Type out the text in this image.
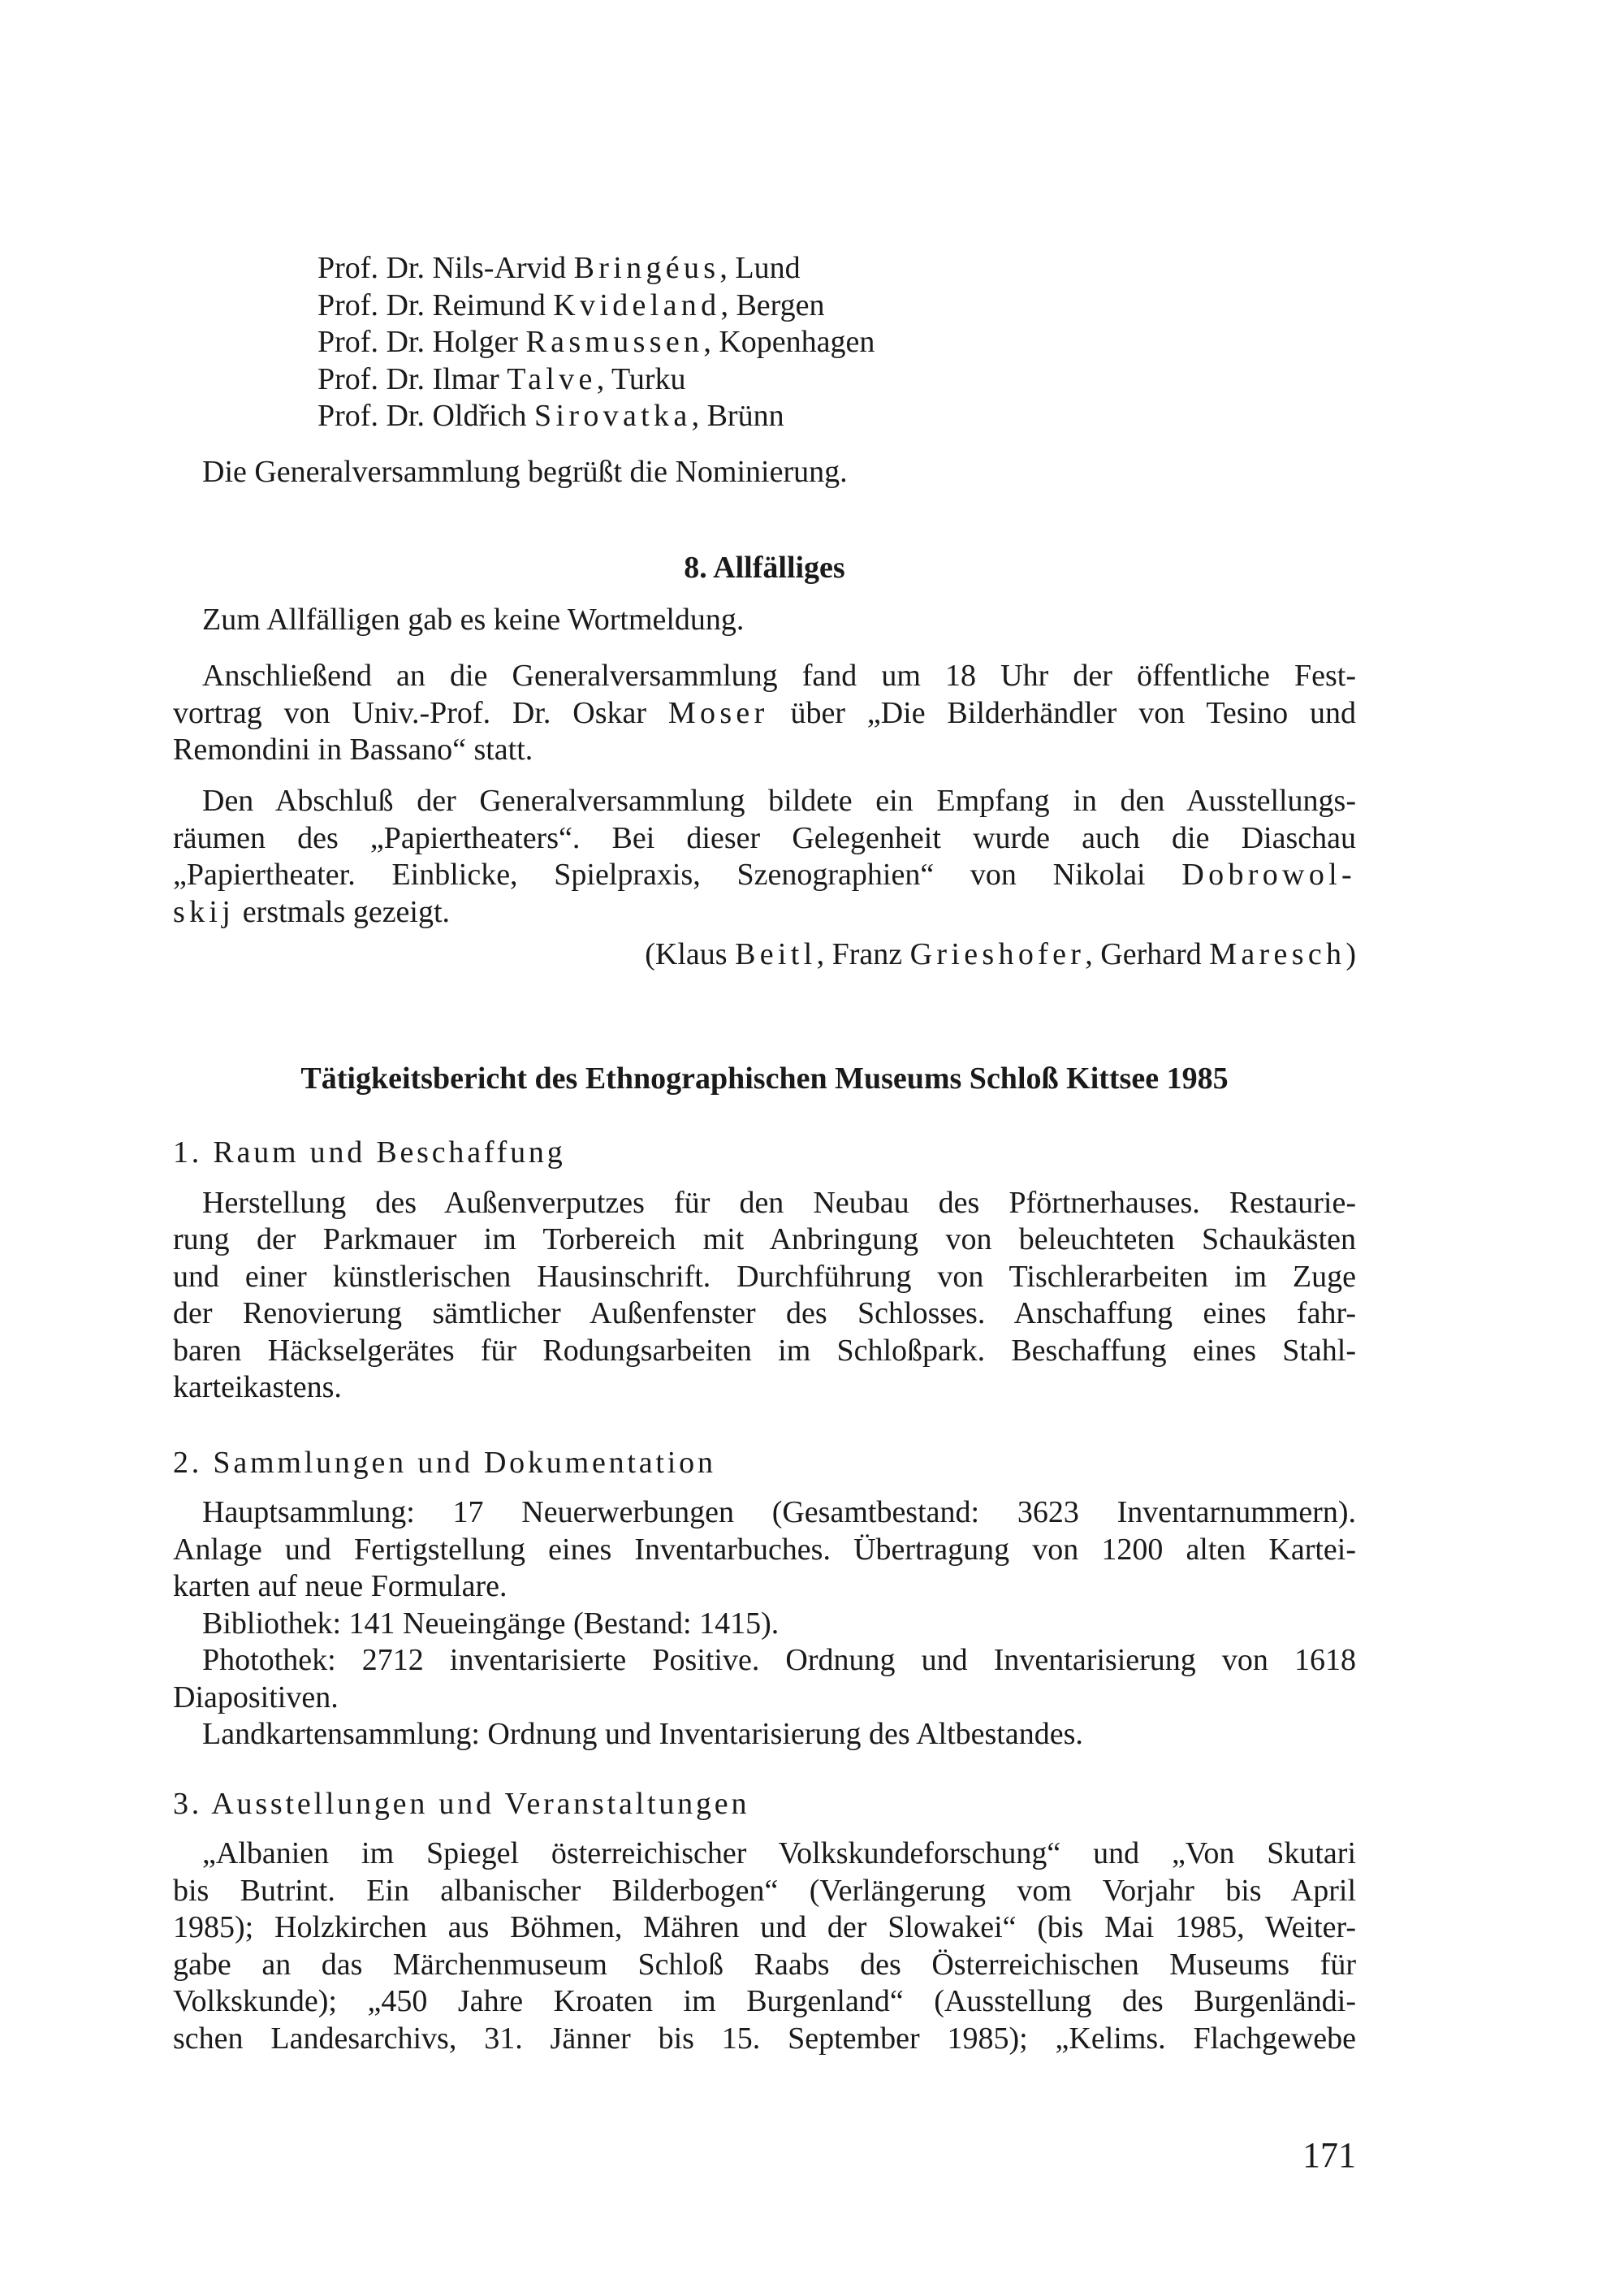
Prof. Dr. Nils-Arvid Bringéus, Lund
Prof. Dr. Reimund Kvideland, Bergen
Prof. Dr. Holger Rasmussen, Kopenhagen
Prof. Dr. Ilmar Talve, Turku
Prof. Dr. Oldřich Sirovatka, Brünn
Die Generalversammlung begrüßt die Nominierung.
8. Allfälliges
Zum Allfälligen gab es keine Wortmeldung.
Anschließend an die Generalversammlung fand um 18 Uhr der öffentliche Fest-
vortrag von Univ.-Prof. Dr. Oskar Moser über „Die Bilderhändler von Tesino und
Remondini in Bassano“ statt.
Den Abschluß der Generalversammlung bildete ein Empfang in den Ausstellungs-
räumen des „Papiertheaters“. Bei dieser Gelegenheit wurde auch die Diaschau
„Papiertheater. Einblicke, Spielpraxis, Szenographien“ von Nikolai Dobrowol-
skij erstmals gezeigt.
(Klaus Beitl, Franz Grieshofer, Gerhard Maresch)
Tätigkeitsbericht des Ethnographischen Museums Schloß Kittsee 1985
1. Raum und Beschaffung
Herstellung des Außenverputzes für den Neubau des Pförtnerhauses. Restaurie-
rung der Parkmauer im Torbereich mit Anbringung von beleuchteten Schaukästen
und einer künstlerischen Hausinschrift. Durchführung von Tischlerarbeiten im Zuge
der Renovierung sämtlicher Außenfenster des Schlosses. Anschaffung eines fahr-
baren Häckselgerätes für Rodungsarbeiten im Schloßpark. Beschaffung eines Stahl-
karteikastens.
2. Sammlungen und Dokumentation
Hauptsammlung: 17 Neuerwerbungen (Gesamtbestand: 3623 Inventarnummern).
Anlage und Fertigstellung eines Inventarbuches. Übertragung von 1200 alten Kartei-
karten auf neue Formulare.
Bibliothek: 141 Neueingänge (Bestand: 1415).
Photothek: 2712 inventarisierte Positive. Ordnung und Inventarisierung von 1618
Diapositiven.
Landkartensammlung: Ordnung und Inventarisierung des Altbestandes.
3. Ausstellungen und Veranstaltungen
„Albanien im Spiegel österreichischer Volkskundeforschung“ und „Von Skutari
bis Butrint. Ein albanischer Bilderbogen“ (Verlängerung vom Vorjahr bis April
1985); Holzkirchen aus Böhmen, Mähren und der Slowakei“ (bis Mai 1985, Weiter-
gabe an das Märchenmuseum Schloß Raabs des Österreichischen Museums für
Volkskunde); „450 Jahre Kroaten im Burgenland“ (Ausstellung des Burgenländi-
schen Landesarchivs, 31. Jänner bis 15. September 1985); „Kelims. Flachgewebe
171
